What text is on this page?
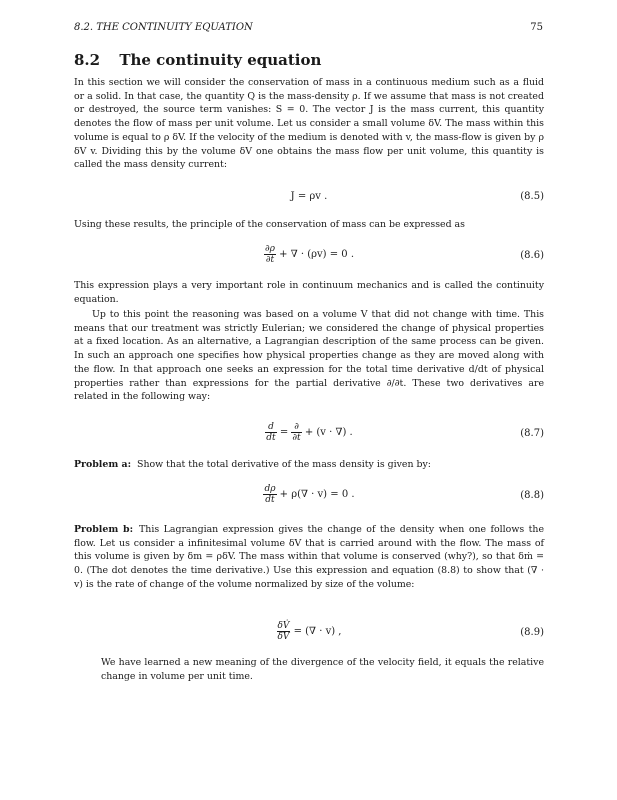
8.2. THE CONTINUITY EQUATION	75
8.2 The continuity equation

In this section we will consider the conservation of mass in a continuous medium such as a fluid or a solid. In that case, the quantity Q is the mass-density ρ. If we assume that mass is not created or destroyed, the source term vanishes: S = 0. The vector J is the mass current, this quantity denotes the flow of mass per unit volume. Let us consider a small volume δV. The mass within this volume is equal to ρ δV. If the velocity of the medium is denoted with v, the mass-flow is given by ρ δV v. Dividing this by the volume δV one obtains the mass flow per unit volume, this quantity is called the mass density current:

J = ρv .	(8.5)

Using these results, the principle of the conservation of mass can be expressed as

$\frac{\partial\rho}{\partial t}$ + ∇ · (ρv) = 0 .	(8.6)

This expression plays a very important role in continuum mechanics and is called the continuity equation.

Up to this point the reasoning was based on a volume V that did not change with time. This means that our treatment was strictly Eulerian; we considered the change of physical properties at a fixed location. As an alternative, a Lagrangian description of the same process can be given. In such an approach one specifies how physical properties change as they are moved along with the flow. In that approach one seeks an expression for the total time derivative d/dt of physical properties rather than expressions for the partial derivative ∂/∂t. These two derivatives are related in the following way:

$\frac{d}{dt} = \frac{\partial}{\partial t} + (v$ · ∇) .	(8.7)

Problem a: Show that the total derivative of the mass density is given by:

$\frac{d\rho}{dt} + \rho(\nabla \cdot v) = 0$ .	(8.8)

Problem b: This Lagrangian expression gives the change of the density when one follows the flow. Let us consider a infinitesimal volume δV that is carried around with the flow. The mass of this volume is given by δm = ρδV. The mass within that volume is conserved (why?), so that δṁ = 0. (The dot denotes the time derivative.) Use this expression and equation (8.8) to show that (∇ · v) is the rate of change of the volume normalized by size of the volume:

$\frac{\delta V̇}{\delta V}$ = (∇ · v) ,	(8.9)

We have learned a new meaning of the divergence of the velocity field, it equals the relative change in volume per unit time.
